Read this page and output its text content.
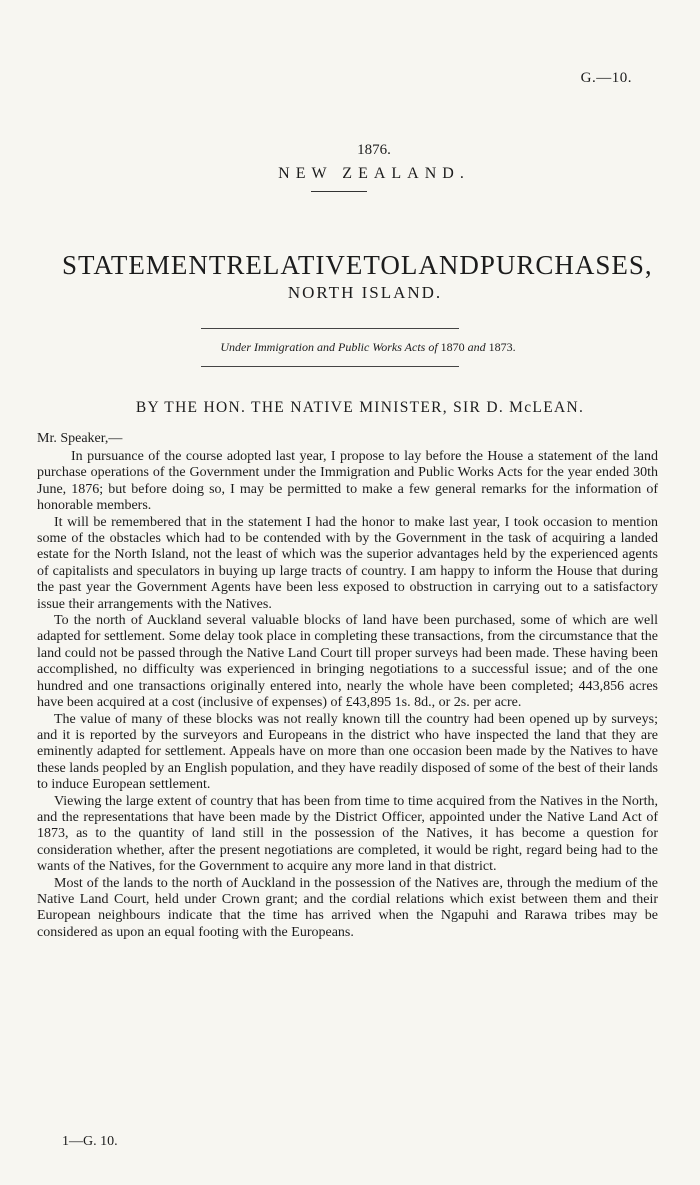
G.—10.
1876.
NEW ZEALAND.
STATEMENT RELATIVE TO LAND PURCHASES,
NORTH ISLAND.
Under Immigration and Public Works Acts of 1870 and 1873.
BY THE HON. THE NATIVE MINISTER, SIR D. McLEAN.
Mr. Speaker,—

In pursuance of the course adopted last year, I propose to lay before the House a statement of the land purchase operations of the Government under the Immigration and Public Works Acts for the year ended 30th June, 1876; but before doing so, I may be permitted to make a few general remarks for the information of honorable members.

It will be remembered that in the statement I had the honor to make last year, I took occasion to mention some of the obstacles which had to be contended with by the Government in the task of acquiring a landed estate for the North Island, not the least of which was the superior advantages held by the experienced agents of capitalists and speculators in buying up large tracts of country. I am happy to inform the House that during the past year the Government Agents have been less exposed to obstruction in carrying out to a satisfactory issue their arrangements with the Natives.

To the north of Auckland several valuable blocks of land have been purchased, some of which are well adapted for settlement. Some delay took place in completing these transactions, from the circumstance that the land could not be passed through the Native Land Court till proper surveys had been made. These having been accomplished, no difficulty was experienced in bringing negotiations to a successful issue; and of the one hundred and one transactions originally entered into, nearly the whole have been completed; 443,856 acres have been acquired at a cost (inclusive of expenses) of £43,895 1s. 8d., or 2s. per acre.

The value of many of these blocks was not really known till the country had been opened up by surveys; and it is reported by the surveyors and Europeans in the district who have inspected the land that they are eminently adapted for settlement. Appeals have on more than one occasion been made by the Natives to have these lands peopled by an English population, and they have readily disposed of some of the best of their lands to induce European settlement.

Viewing the large extent of country that has been from time to time acquired from the Natives in the North, and the representations that have been made by the District Officer, appointed under the Native Land Act of 1873, as to the quantity of land still in the possession of the Natives, it has become a question for consideration whether, after the present negotiations are completed, it would be right, regard being had to the wants of the Natives, for the Government to acquire any more land in that district.

Most of the lands to the north of Auckland in the possession of the Natives are, through the medium of the Native Land Court, held under Crown grant; and the cordial relations which exist between them and their European neighbours indicate that the time has arrived when the Ngapuhi and Rarawa tribes may be considered as upon an equal footing with the Europeans.

1—G. 10.
